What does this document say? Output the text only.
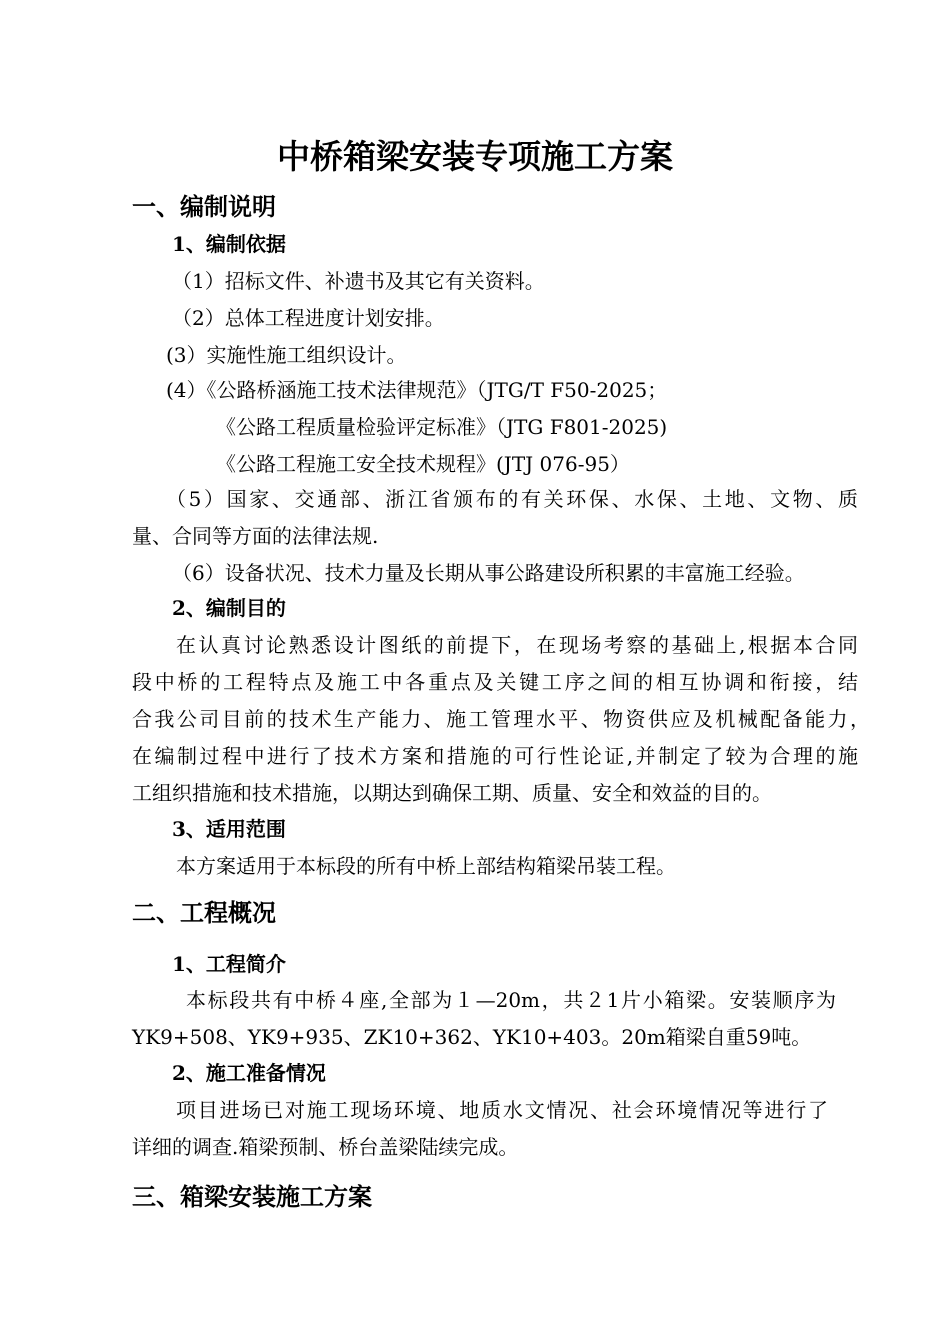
中桥箱梁安装专项施工方案
一、编制说明
1、编制依据
（1）招标文件、补遗书及其它有关资料。
（2）总体工程进度计划安排。
(3）实施性施工组织设计。
(4）《公路桥涵施工技术法律规范》（JTG/T F50-2025；
《公路工程质量检验评定标准》（JTG F801-2025)
《公路工程施工安全技术规程》(JTJ 076-95）
（5）国家、交通部、浙江省颁布的有关环保、水保、土地、文物、质
量、合同等方面的法律法规.
（6）设备状况、技术力量及长期从事公路建设所积累的丰富施工经验。
2、编制目的
在认真讨论熟悉设计图纸的前提下，在现场考察的基础上,根据本合同
段中桥的工程特点及施工中各重点及关键工序之间的相互协调和衔接，结
合我公司目前的技术生产能力、施工管理水平、物资供应及机械配备能力，
在编制过程中进行了技术方案和措施的可行性论证,并制定了较为合理的施
工组织措施和技术措施，以期达到确保工期、质量、安全和效益的目的。
3、适用范围
本方案适用于本标段的所有中桥上部结构箱梁吊装工程。
二、工程概况
1、工程简介
本标段共有中桥４座,全部为１—20m，共２1片小箱梁。安装顺序为
YK9+508、YK9+935、ZK10+362、YK10+403。20m箱梁自重59吨。
2、施工准备情况
项目进场已对施工现场环境、地质水文情况、社会环境情况等进行了
详细的调查.箱梁预制、桥台盖梁陆续完成。
三、箱梁安装施工方案
